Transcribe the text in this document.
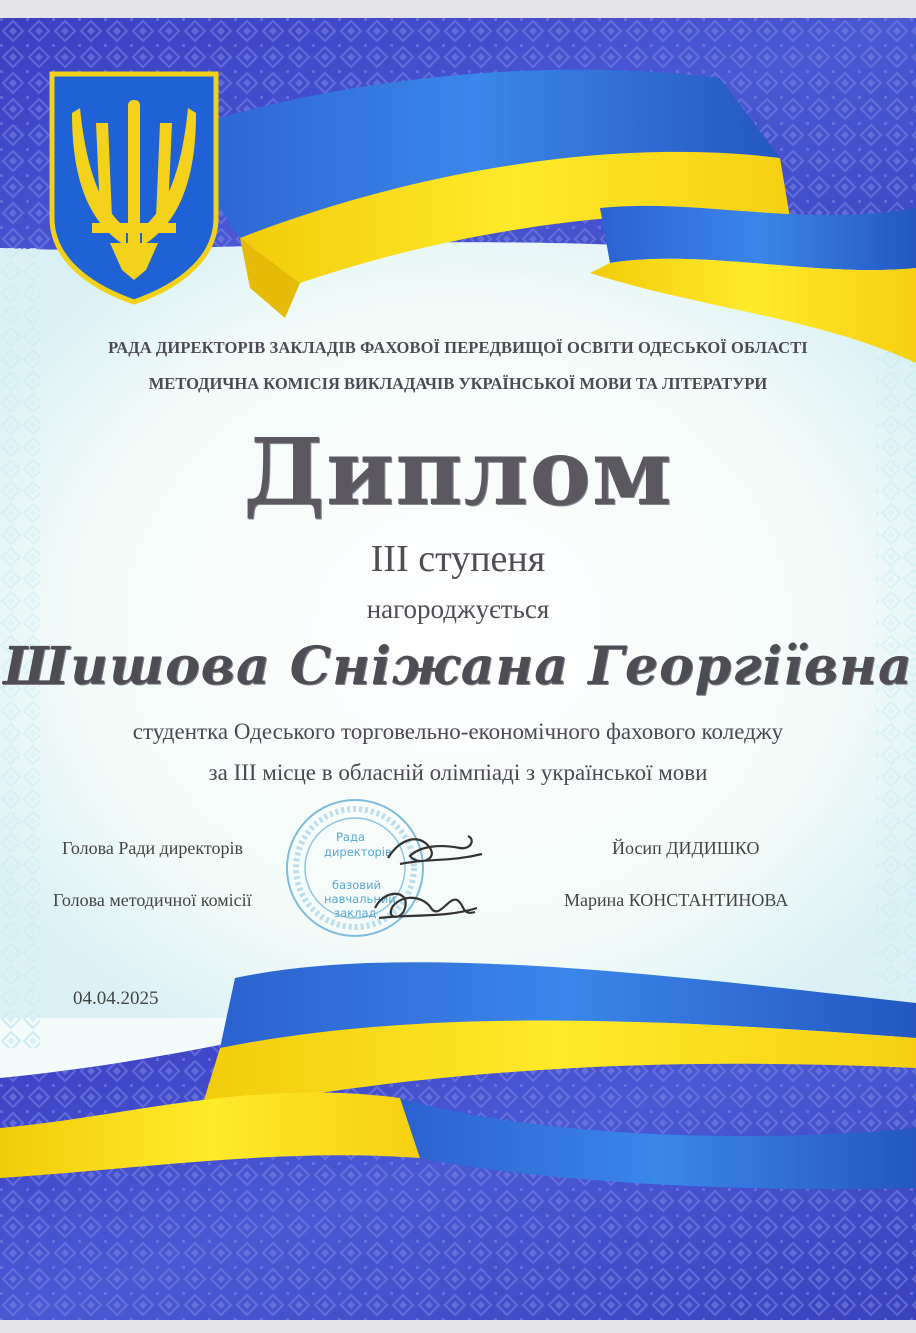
РАДА ДИРЕКТОРІВ ЗАКЛАДІВ ФАХОВОЇ ПЕРЕДВИЩОЇ ОСВІТИ ОДЕСЬКОЇ ОБЛАСТІ
МЕТОДИЧНА КОМІСІЯ ВИКЛАДАЧІВ УКРАЇНСЬКОЇ МОВИ ТА ЛІТЕРАТУРИ
Диплом
ІІІ ступеня
нагороджується
Шишова Сніжана Георгіївна
студентка Одеського торговельно-економічного фахового коледжу
за ІІІ місце в обласній олімпіаді з української мови
Рада
директорів
базовий
навчальний
заклад
Голова Ради директорів	Йосип ДИДИШКО
Голова методичної комісії	Марина КОНСТАНТИНОВА
04.04.2025
